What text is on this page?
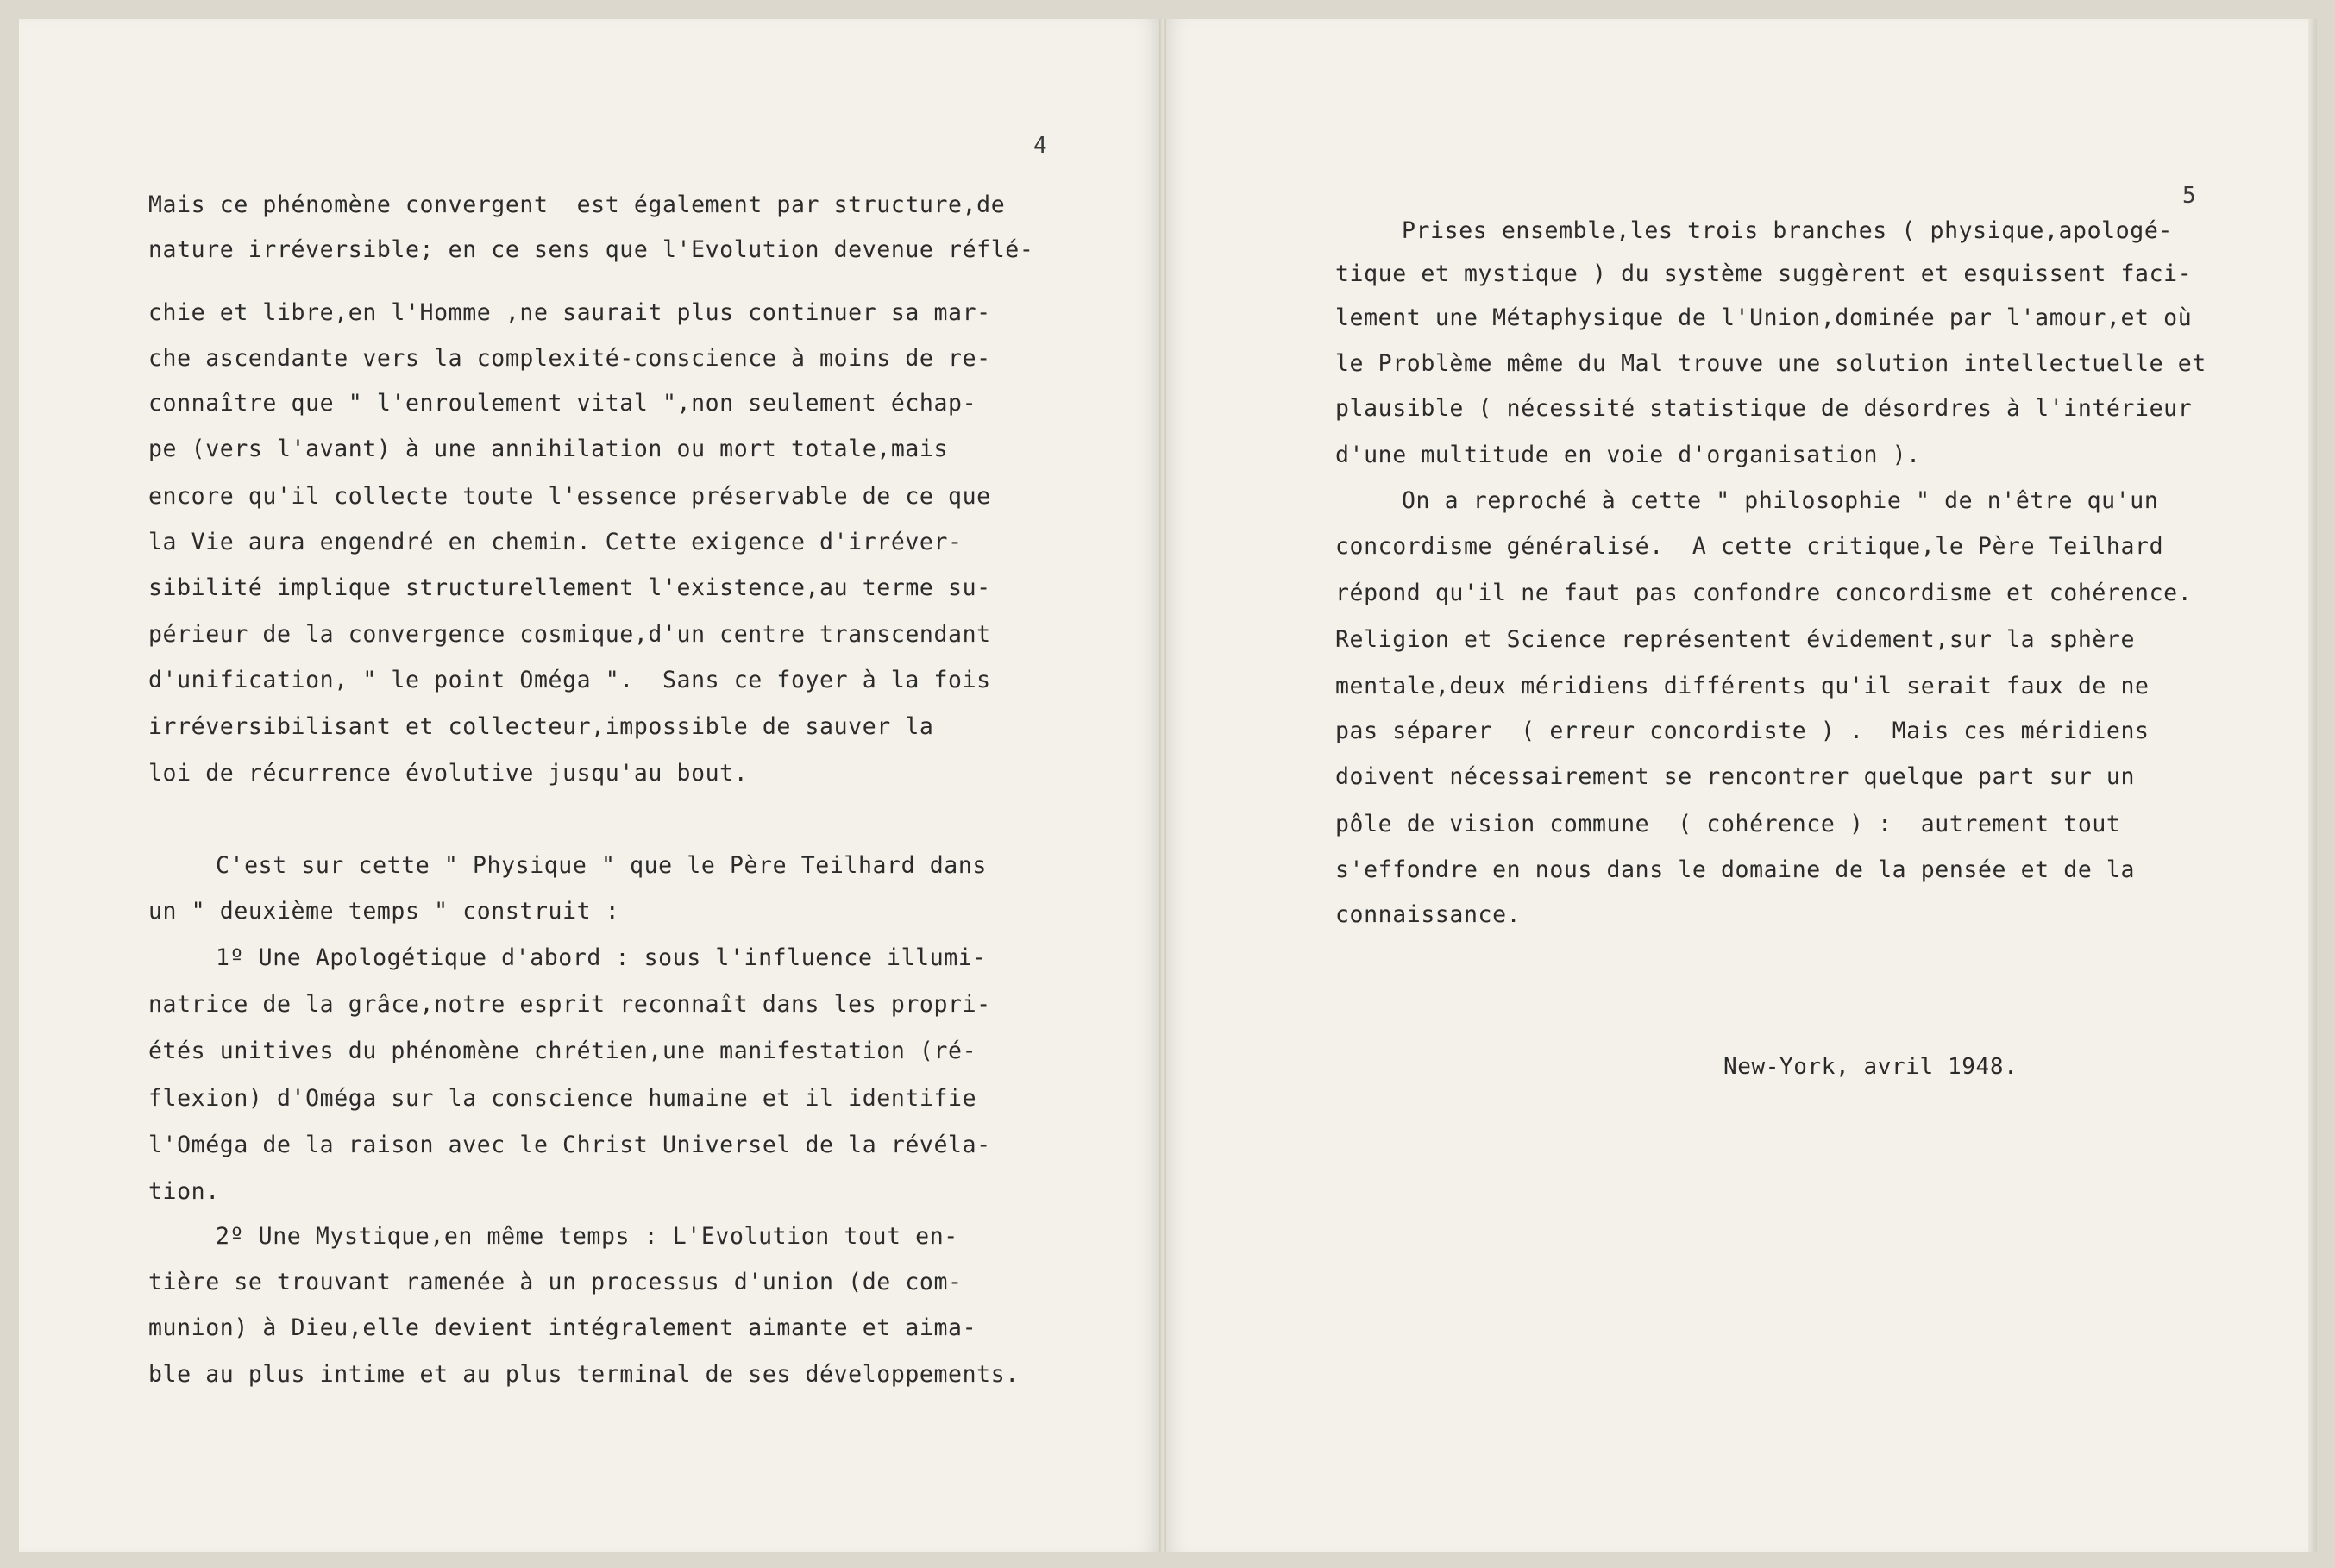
4
5
Mais ce phénomène convergent  est également par structure,de
nature irréversible; en ce sens que l'Evolution devenue réflé-
chie et libre,en l'Homme ,ne saurait plus continuer sa mar-
che ascendante vers la complexité-conscience à moins de re-
connaître que " l'enroulement vital ",non seulement échap-
pe (vers l'avant) à une annihilation ou mort totale,mais
encore qu'il collecte toute l'essence préservable de ce que
la Vie aura engendré en chemin. Cette exigence d'irréver-
sibilité implique structurellement l'existence,au terme su-
périeur de la convergence cosmique,d'un centre transcendant
d'unification, " le point Oméga ".  Sans ce foyer à la fois
irréversibilisant et collecteur,impossible de sauver la
loi de récurrence évolutive jusqu'au bout.
C'est sur cette " Physique " que le Père Teilhard dans
un " deuxième temps " construit :
1º Une Apologétique d'abord : sous l'influence illumi-
natrice de la grâce,notre esprit reconnaît dans les propri-
étés unitives du phénomène chrétien,une manifestation (ré-
flexion) d'Oméga sur la conscience humaine et il identifie
l'Oméga de la raison avec le Christ Universel de la révéla-
tion.
2º Une Mystique,en même temps : L'Evolution tout en-
tière se trouvant ramenée à un processus d'union (de com-
munion) à Dieu,elle devient intégralement aimante et aima-
ble au plus intime et au plus terminal de ses développements.
Prises ensemble,les trois branches ( physique,apologé-
tique et mystique ) du système suggèrent et esquissent faci-
lement une Métaphysique de l'Union,dominée par l'amour,et où
le Problème même du Mal trouve une solution intellectuelle et
plausible ( nécessité statistique de désordres à l'intérieur
d'une multitude en voie d'organisation ).
On a reproché à cette " philosophie " de n'être qu'un
concordisme généralisé.  A cette critique,le Père Teilhard
répond qu'il ne faut pas confondre concordisme et cohérence.
Religion et Science représentent évidement,sur la sphère
mentale,deux méridiens différents qu'il serait faux de ne
pas séparer  ( erreur concordiste ) .  Mais ces méridiens
doivent nécessairement se rencontrer quelque part sur un
pôle de vision commune  ( cohérence ) :  autrement tout
s'effondre en nous dans le domaine de la pensée et de la
connaissance.
New-York, avril 1948.
